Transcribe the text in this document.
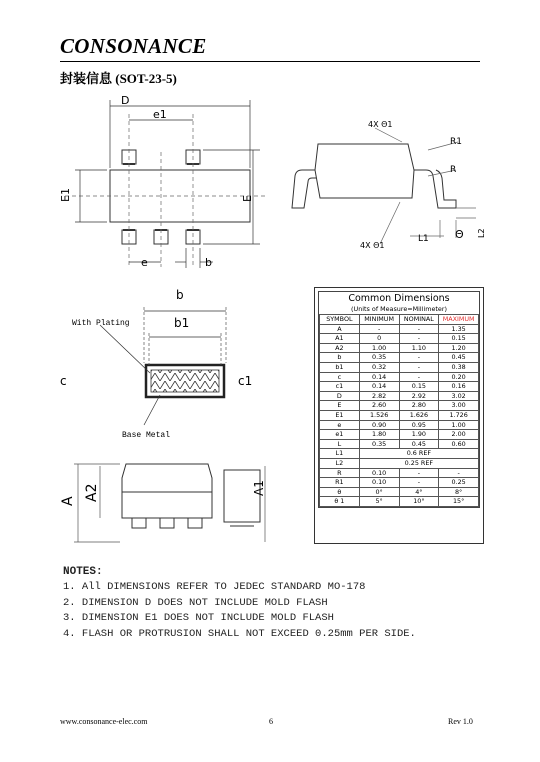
CONSONANCE
封装信息 (SOT-23-5)
D
e1
E1	E
e	b
4X Θ1
R1
R
L1 Θ L2
4X Θ1
b
b1
With Plating
Base Metal
c	c1
A A2	A1
Common Dimensions
(Units of Measure=Millimeter)
SYMBOL	MINIMUM	NOMINAL	MAXIMUM
A	-	-	1.35
A1	0	-	0.15
A2	1.00	1.10	1.20
b	0.35	-	0.45
b1	0.32	-	0.38
c	0.14	-	0.20
c1	0.14	0.15	0.16
D	2.82	2.92	3.02
E	2.60	2.80	3.00
E1	1.526	1.626	1.726
e	0.90	0.95	1.00
e1	1.80	1.90	2.00
L	0.35	0.45	0.60
L1	0.6 REF		
L2	0.25 REF		
R	0.10	-	-
R1	0.10	-	0.25
θ	0°	4°	8°
θ 1	5°	10°	15°
NOTES:
1. All DIMENSIONS REFER TO JEDEC STANDARD MO-178
2. DIMENSION D DOES NOT INCLUDE MOLD FLASH
3. DIMENSION E1 DOES NOT INCLUDE MOLD FLASH
4. FLASH OR PROTRUSION SHALL NOT EXCEED 0.25mm PER SIDE.
www.consonance-elec.com	6	Rev 1.0
